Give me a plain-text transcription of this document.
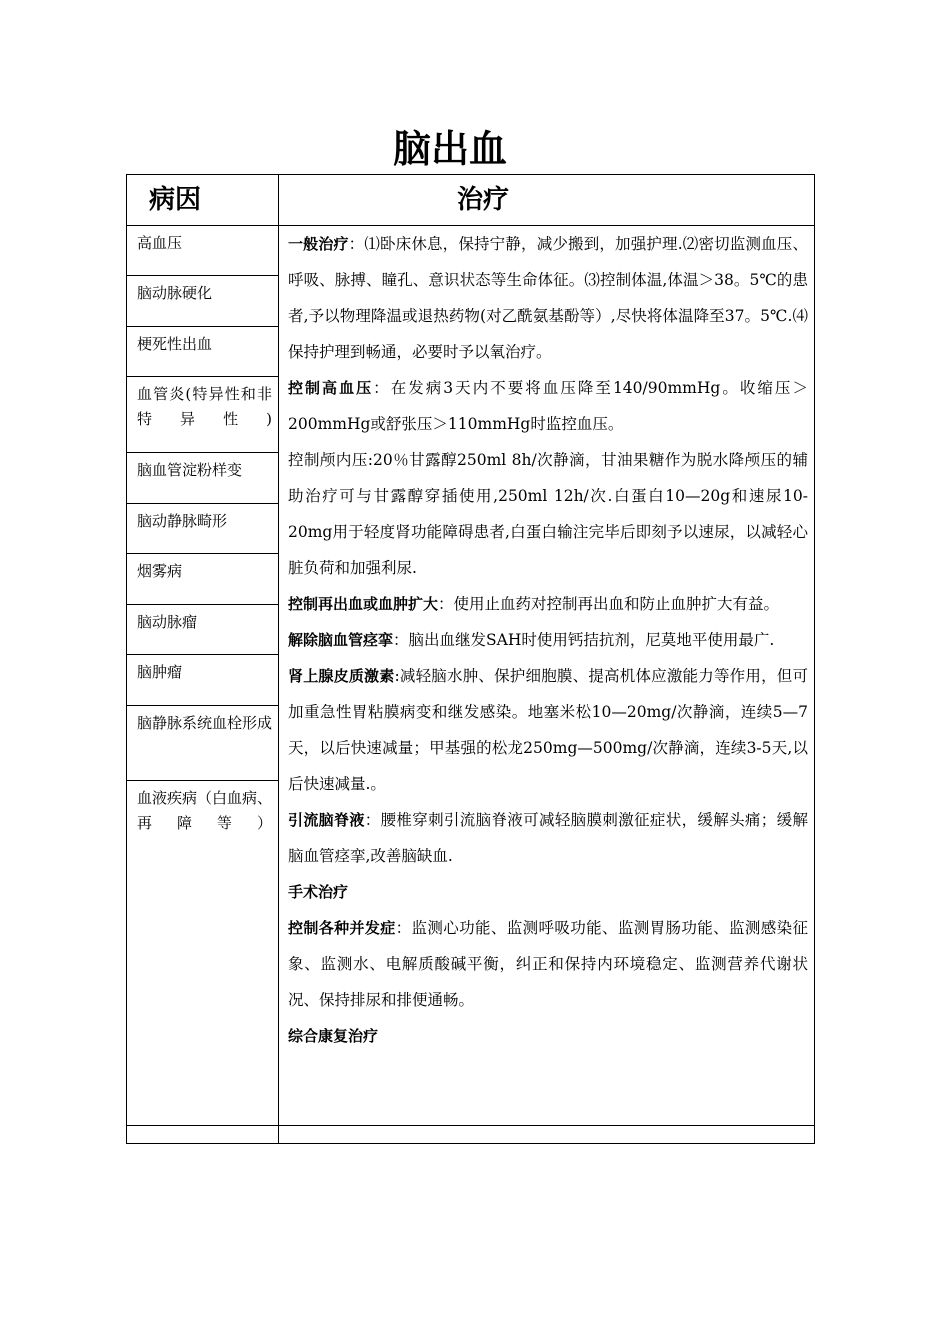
脑出血
病因	治疗
高血压
脑动脉硬化
梗死性出血
血管炎(特异性和非特异性)
脑血管淀粉样变
脑动静脉畸形
烟雾病
脑动脉瘤
脑肿瘤
脑静脉系统血栓形成
血液疾病（白血病、再障等）

一般治疗：⑴卧床休息，保持宁静，减少搬到，加强护理.⑵密切监测血压、呼吸、脉搏、瞳孔、意识状态等生命体征。⑶控制体温,体温＞38。5℃的患者,予以物理降温或退热药物(对乙酰氨基酚等）,尽快将体温降至37。5℃.⑷保持护理到畅通，必要时予以氧治疗。

控制高血压：在发病3天内不要将血压降至140/90mmHg。收缩压＞200mmHg或舒张压＞110mmHg时监控血压。

控制颅内压:20％甘露醇250ml 8h/次静滴，甘油果糖作为脱水降颅压的辅助治疗可与甘露醇穿插使用,250ml 12h/次.白蛋白10—20g和速尿10-20mg用于轻度肾功能障碍患者,白蛋白输注完毕后即刻予以速尿，以减轻心脏负荷和加强利尿.

控制再出血或血肿扩大：使用止血药对控制再出血和防止血肿扩大有益。

解除脑血管痉挛：脑出血继发SAH时使用钙拮抗剂，尼莫地平使用最广.

肾上腺皮质激素:减轻脑水肿、保护细胞膜、提高机体应激能力等作用，但可加重急性胃粘膜病变和继发感染。地塞米松10—20mg/次静滴，连续5—7天，以后快速减量；甲基强的松龙250mg—500mg/次静滴，连续3-5天,以后快速减量.。

引流脑脊液：腰椎穿刺引流脑脊液可减轻脑膜刺激征症状，缓解头痛；缓解脑血管痉挛,改善脑缺血.

手术治疗

控制各种并发症：监测心功能、监测呼吸功能、监测胃肠功能、监测感染征象、监测水、电解质酸碱平衡，纠正和保持内环境稳定、监测营养代谢状况、保持排尿和排便通畅。

综合康复治疗
